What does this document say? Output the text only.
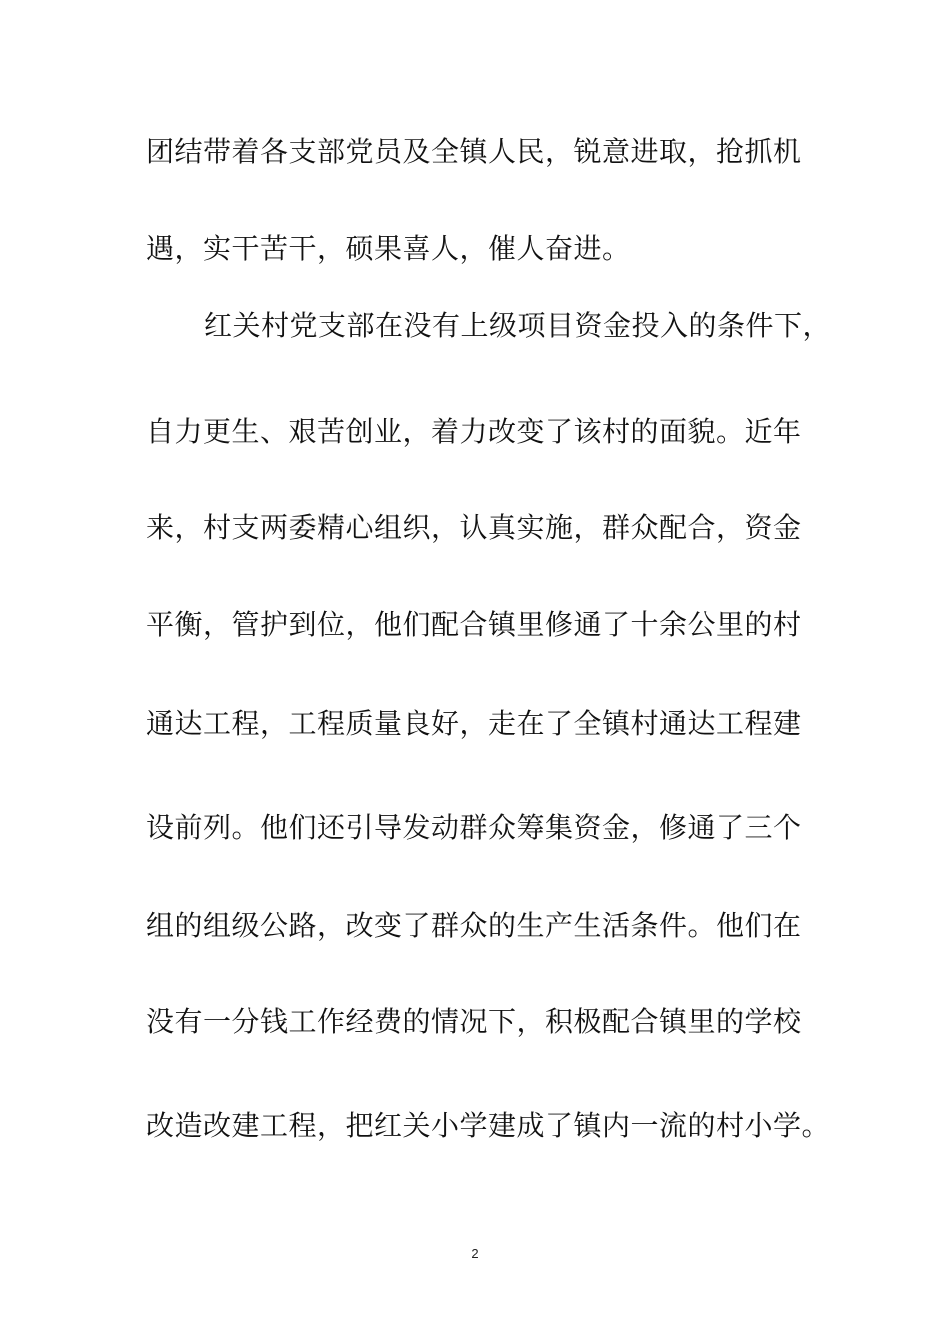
团结带着各支部党员及全镇人民，锐意进取，抢抓机
遇，实干苦干，硕果喜人，催人奋进。
红关村党支部在没有上级项目资金投入的条件下，
自力更生、艰苦创业，着力改变了该村的面貌。近年
来，村支两委精心组织，认真实施，群众配合，资金
平衡，管护到位，他们配合镇里修通了十余公里的村
通达工程，工程质量良好，走在了全镇村通达工程建
设前列。他们还引导发动群众筹集资金，修通了三个
组的组级公路，改变了群众的生产生活条件。他们在
没有一分钱工作经费的情况下，积极配合镇里的学校
改造改建工程，把红关小学建成了镇内一流的村小学。
2
